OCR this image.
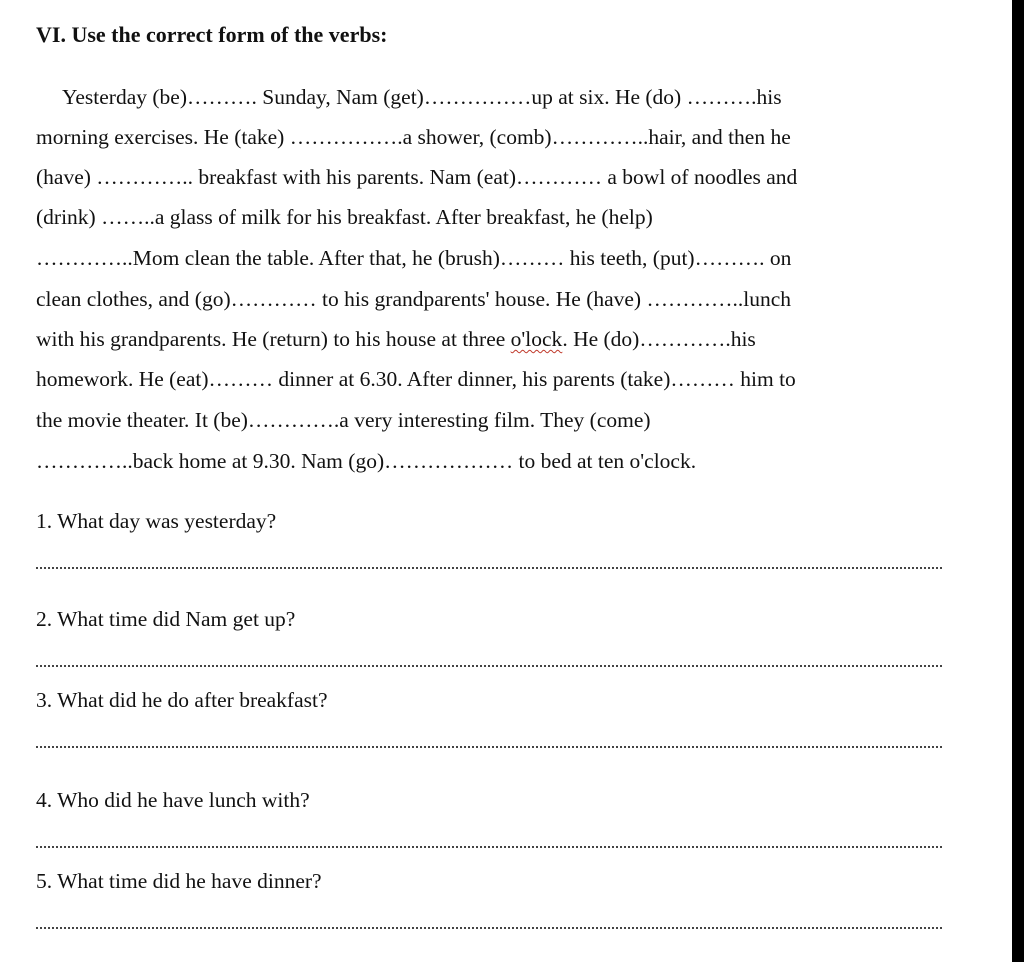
VI. Use the correct form of the verbs:
Yesterday (be)………. Sunday, Nam (get)……………up at six. He (do) ……….his
morning exercises. He (take) …………….a shower, (comb)…………..hair, and then he
(have) ………….. breakfast with his parents. Nam (eat)………… a bowl of noodles and
(drink) ……..a glass of milk for his breakfast. After breakfast, he (help)
…………..Mom clean the table. After that, he (brush)……… his teeth, (put)………. on
clean clothes, and (go)………… to his grandparents' house. He (have) …………..lunch
with his grandparents. He (return) to his house at three o'lock. He (do)………….his
homework. He (eat)……… dinner at 6.30. After dinner, his parents (take)……… him to
the movie theater. It (be)………….a very interesting film. They (come)
…………..back home at 9.30. Nam (go)……………… to bed at ten o'clock.
1. What day was yesterday?
2. What time did Nam get up?
3. What did he do after breakfast?
4. Who did he have lunch with?
5. What time did he have dinner?
